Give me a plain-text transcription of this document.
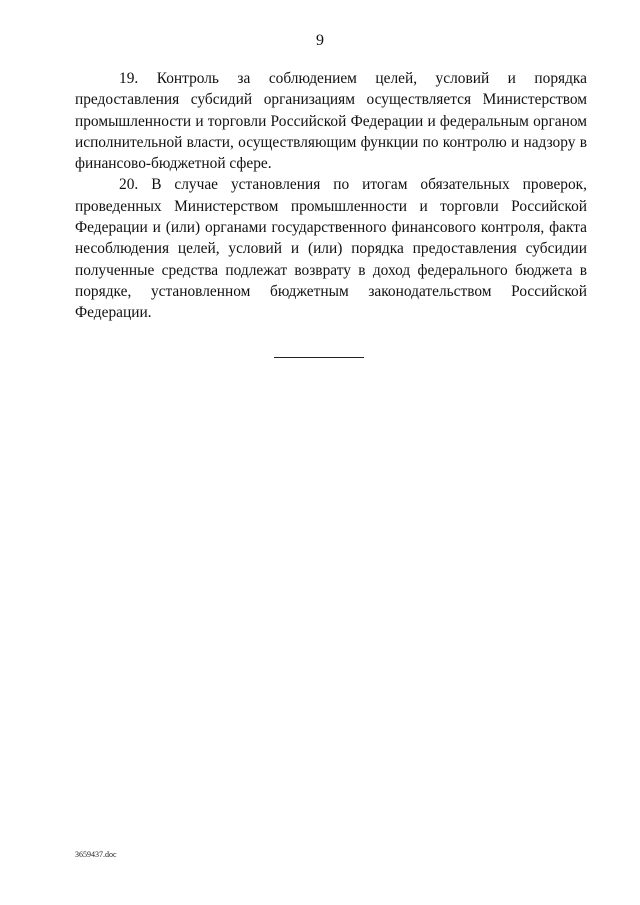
9

19. Контроль за соблюдением целей, условий и порядка предоставления субсидий организациям осуществляется Министерством промышленности и торговли Российской Федерации и федеральным органом исполнительной власти, осуществляющим функции по контролю и надзору в финансово-бюджетной сфере.

20. В случае установления по итогам обязательных проверок, проведенных Министерством промышленности и торговли Российской Федерации и (или) органами государственного финансового контроля, факта несоблюдения целей, условий и (или) порядка предоставления субсидии полученные средства подлежат возврату в доход федерального бюджета в порядке, установленном бюджетным законодательством Российской Федерации.

3659437.doc
